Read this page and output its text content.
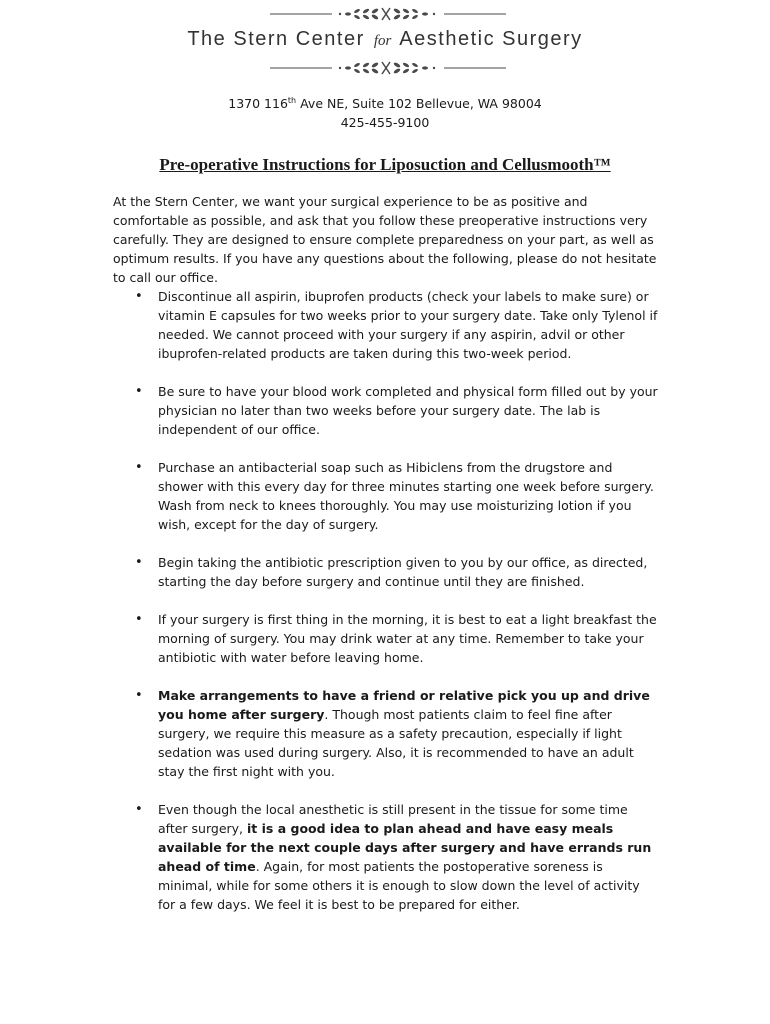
The Stern Center for Aesthetic Surgery
1370 116th Ave NE, Suite 102 Bellevue, WA 98004
425-455-9100
Pre-operative Instructions for Liposuction and Cellusmooth™

At the Stern Center, we want your surgical experience to be as positive and comfortable as possible, and ask that you follow these preoperative instructions very carefully. They are designed to ensure complete preparedness on your part, as well as optimum results. If you have any questions about the following, please do not hesitate to call our office.

• Discontinue all aspirin, ibuprofen products (check your labels to make sure) or vitamin E capsules for two weeks prior to your surgery date. Take only Tylenol if needed. We cannot proceed with your surgery if any aspirin, advil or other ibuprofen-related products are taken during this two-week period.
• Be sure to have your blood work completed and physical form filled out by your physician no later than two weeks before your surgery date. The lab is independent of our office.
• Purchase an antibacterial soap such as Hibiclens from the drugstore and shower with this every day for three minutes starting one week before surgery. Wash from neck to knees thoroughly. You may use moisturizing lotion if you wish, except for the day of surgery.
• Begin taking the antibiotic prescription given to you by our office, as directed, starting the day before surgery and continue until they are finished.
• If your surgery is first thing in the morning, it is best to eat a light breakfast the morning of surgery. You may drink water at any time. Remember to take your antibiotic with water before leaving home.
• Make arrangements to have a friend or relative pick you up and drive you home after surgery. Though most patients claim to feel fine after surgery, we require this measure as a safety precaution, especially if light sedation was used during surgery. Also, it is recommended to have an adult stay the first night with you.
• Even though the local anesthetic is still present in the tissue for some time after surgery, it is a good idea to plan ahead and have easy meals available for the next couple days after surgery and have errands run ahead of time. Again, for most patients the postoperative soreness is minimal, while for some others it is enough to slow down the level of activity for a few days. We feel it is best to be prepared for either.
